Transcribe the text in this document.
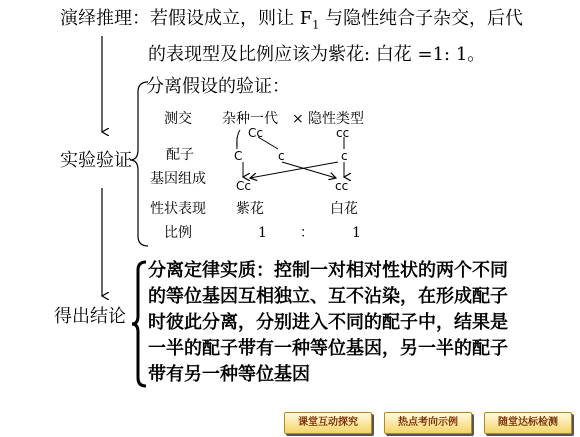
演绎推理：若假设成立，则让 $F_1$ 与隐性纯合子杂交，后代
的表现型及比例应该为紫花: 白花 =1: 1。
实验验证
分离假设的验证：
测交 杂种一代 × 隐性类型
Cc	cc
配子	C	c	c
基因组成	Cc	cc
性状表现 紫花	白花
比例	1 ：	1
得出结论
分离定律实质：控制一对相对性状的两个不同
的等位基因互相独立、互不沾染，在形成配子
时彼此分离，分别进入不同的配子中，结果是
一半的配子带有一种等位基因，另一半的配子
带有另一种等位基因
课堂互动探究	热点考向示例	随堂达标检测
